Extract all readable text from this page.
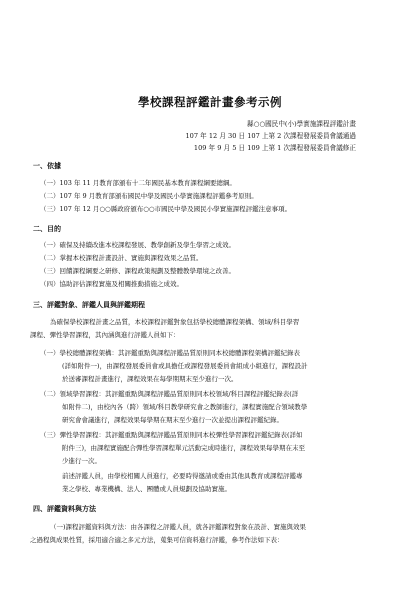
學校課程評鑑計畫參考示例
縣○○國民中(小)學實施課程評鑑計畫
107 年 12 月 30 日 107 上第 2 次課程發展委員會議通過
109 年 9 月 5 日 109 上第 1 次課程發展委員會議修正
一、依據
（一）103 年 11 月教育部頒布十二年國民基本教育課程綱要總綱。
（二）107 年 9 月教育部頒布國民中學及國民小學實施課程評鑑參考原則。
（三）107 年 12 月○○縣政府頒布○○市國民中學及國民小學實施課程評鑑注意事項。
二、目的
（一）確保及持續改進本校課程發展、教學創新及學生學習之成效。
（二）掌握本校課程計畫設計、實施與課程效果之品質。
（三）回饋課程綱要之研修、課程政策規劃及整體教學環境之改善。
（四）協助評估課程實施及相關推動措施之成效。
三、評鑑對象、評鑑人員與評鑑期程
為確保學校課程計畫之品質，本校課程評鑑對象包括學校總體課程架構、領域/科目學習
課程、彈性學習課程，其內涵與進行評鑑人員如下：
（一）學校總體課程架構：其評鑑重點與課程評鑑品質原則同本校總體課程架構評鑑紀錄表
(詳如附件一)，由課程發展委員會或具擔任或課程發展委員會組成小組進行，課程設計
於送審課程計畫進行，課程效果在每學期期末至少進行一次。
（二）領域學習課程：其評鑑重點與課程評鑑品質原則同本校領域/科目課程評鑑紀錄表(詳
如附件二)，由校內各（跨）領域/科目教學研究會之教師進行，課程實施配合領域教學
研究會會議進行，課程效果每學期在期末至少進行一次並提出課程評鑑紀錄。
（三）彈性學習課程：其評鑑重點與課程評鑑品質原則同本校彈性學習課程評鑑紀錄表(詳如
附件三)，由課程實施配合彈性學習課程單元活動完成時進行，課程效果每學期在末至
少進行一次。
前述評鑑人員，由學校相關人員進行，必要時得邀請或委由其他具教育或課程評鑑專
業之學校、專業機構、法人、團體或人員規劃及協助實施。
四、評鑑資料與方法
（一)課程評鑑資料與方法：由各課程之評鑑人員，就各評鑑課程對象在設計、實施與效果
之過程與成果性質，採用適合適之多元方法，蒐集可信資料進行評鑑，參考作法如下表：
